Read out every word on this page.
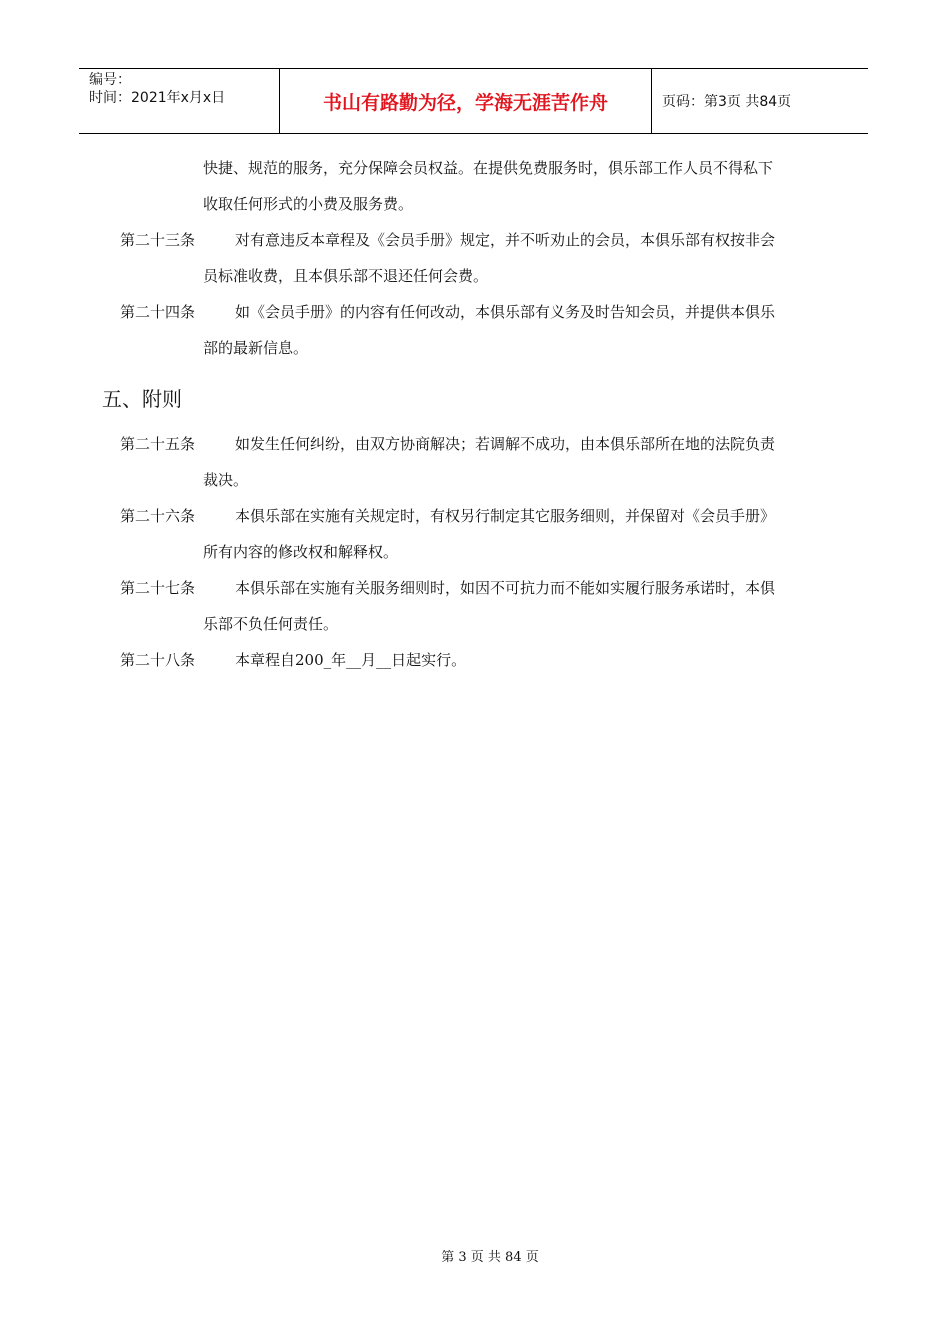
编号：
时间：2021年x月x日	书山有路勤为径，学海无涯苦作舟	页码：第3页 共84页
快捷、规范的服务，充分保障会员权益。在提供免费服务时，俱乐部工作人员不得私下
收取任何形式的小费及服务费。
第二十三条	对有意违反本章程及《会员手册》规定，并不听劝止的会员，本俱乐部有权按非会
员标准收费，且本俱乐部不退还任何会费。
第二十四条	如《会员手册》的内容有任何改动，本俱乐部有义务及时告知会员，并提供本俱乐
部的最新信息。
五、附则
第二十五条	如发生任何纠纷，由双方协商解决；若调解不成功，由本俱乐部所在地的法院负责
裁决。
第二十六条	本俱乐部在实施有关规定时，有权另行制定其它服务细则，并保留对《会员手册》
所有内容的修改权和解释权。
第二十七条	本俱乐部在实施有关服务细则时，如因不可抗力而不能如实履行服务承诺时，本俱
乐部不负任何责任。
第二十八条	本章程自200_年__月__日起实行。
第 3 页 共 84 页
